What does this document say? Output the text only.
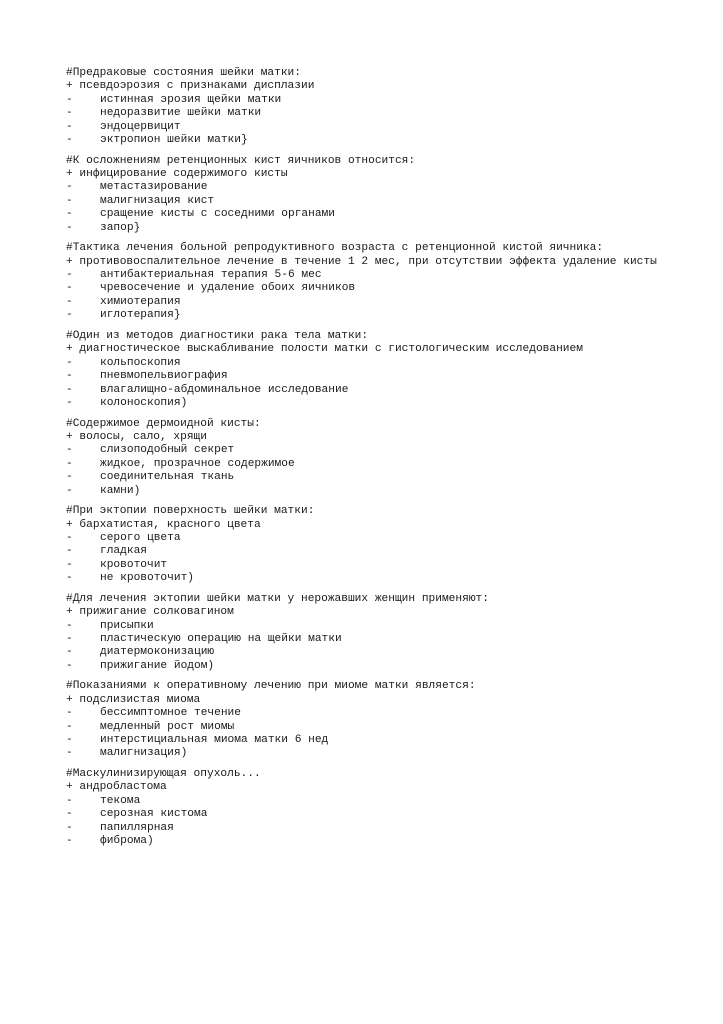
#Предраковые состояния шейки матки:
+ псевдоэрозия с признаками дисплазии
-	истинная эрозия щейки матки
-	недоразвитие шейки матки
-	эндоцервицит
-	эктропион шейки матки}
#К осложнениям ретенционных кист яичников относится:
+ инфицирование содержимого кисты
-	метастазирование
-	малигнизация кист
-	сращение кисты с соседними органами
-	запор}
#Тактика лечения больной репродуктивного возраста с ретенционной кистой яичника:
+ противовоспалительное лечение в течение 1 2 мес, при отсутствии эффекта удаление кисты
-	антибактериальная терапия 5-6 мес
-	чревосечение и удаление обоих яичников
-	химиотерапия
-	иглотерапия}
#Один из методов диагностики рака тела матки:
+ диагностическое выскабливание полости матки с гистологическим исследованием
-	кольпоскопия
-	пневмопельвиография
-	влагалищно-абдоминальное исследование
-	колоноскопия)
#Содержимое дермоидной кисты:
+ волосы, сало, хрящи
-	слизоподобный секрет
-	жидкое, прозрачное содержимое
-	соединительная ткань
-	камни)
#При эктопии поверхность шейки матки:
+ бархатистая, красного цвета
-	серого цвета
-	гладкая
-	кровоточит
-	не кровоточит)
#Для лечения эктопии шейки матки у нерожавших женщин применяют:
+ прижигание солковагином
-	присыпки
-	пластическую операцию на щейки матки
-	диатермоконизацию
-	прижигание йодом)
#Показаниями к оперативному лечению при миоме матки является:
+ подслизистая миома
-	бессимптомное течение
-	медленный рост миомы
-	интерстициальная миома матки 6 нед
-	малигнизация)
#Маскулинизирующая опухоль...
+ андробластома
-	текома
-	серозная кистома
-	папиллярная
-	фиброма)
